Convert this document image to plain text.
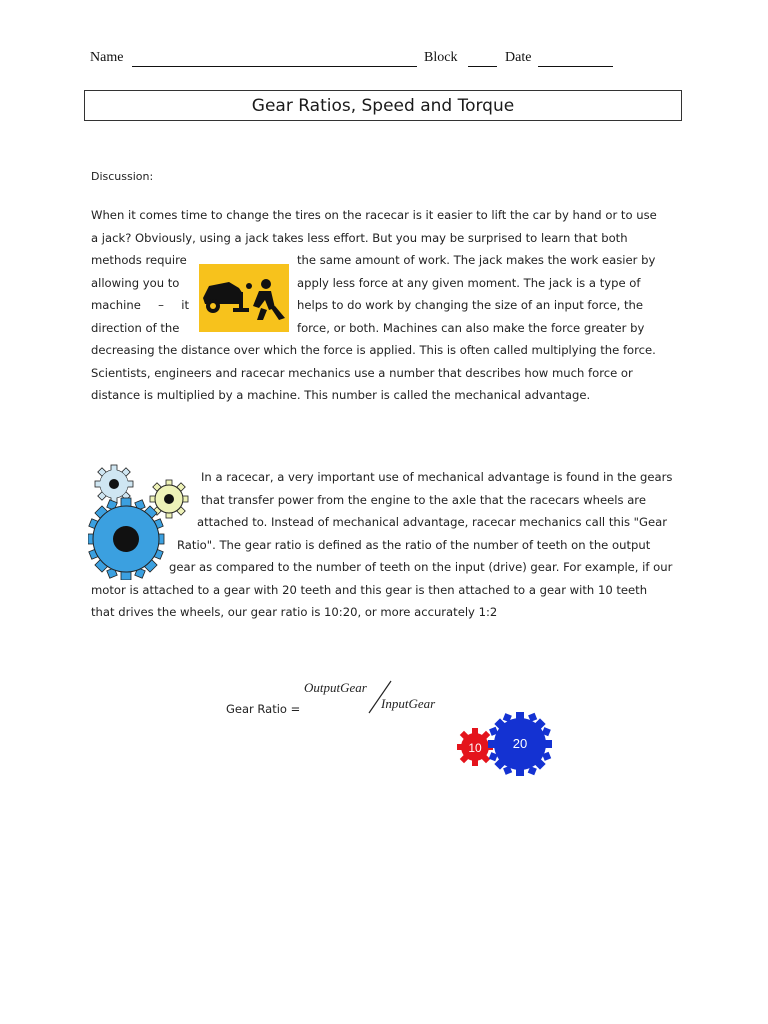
Name	Block	Date
Gear Ratios, Speed and Torque
Discussion:
When it comes time to change the tires on the racecar is it easier to lift the car by hand or to use
a jack? Obviously, using a jack takes less effort. But you may be surprised to learn that both
methods require	the same amount of work. The jack makes the work easier by
allowing you to	apply less force at any given moment. The jack is a type of
machine – it	helps to do work by changing the size of an input force, the
direction of the	force, or both. Machines can also make the force greater by
decreasing the distance over which the force is applied. This is often called multiplying the force.
Scientists, engineers and racecar mechanics use a number that describes how much force or
distance is multiplied by a machine. This number is called the mechanical advantage.
In a racecar, a very important use of mechanical advantage is found in the gears
that transfer power from the engine to the axle that the racecars wheels are
attached to. Instead of mechanical advantage, racecar mechanics call this "Gear
Ratio". The gear ratio is defined as the ratio of the number of teeth on the output
gear as compared to the number of teeth on the input (drive) gear. For example, if our
motor is attached to a gear with 20 teeth and this gear is then attached to a gear with 10 teeth
that drives the wheels, our gear ratio is 10:20, or more accurately 1:2
Gear Ratio =
OutputGear
InputGear
10 20
